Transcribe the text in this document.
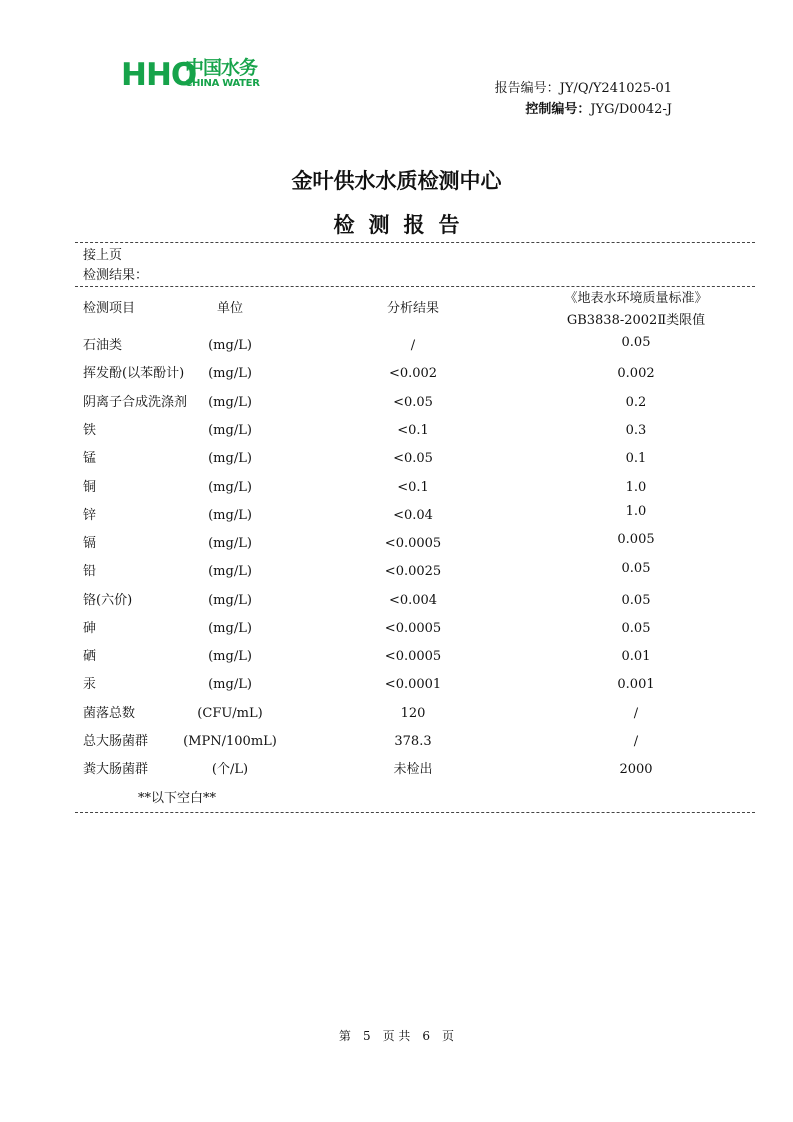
HHO
中国水务
CHINA WATER	报告编号：JY/Q/Y241025-01
控制编号：JYG/D0042-J
金叶供水水质检测中心
检测报告
接上页
检测结果：
检测项目	单位	分析结果
《地表水环境质量标准》
GB3838-2002Ⅱ类限值
石油类	(mg/L)	/	0.05
挥发酚(以苯酚计) (mg/L)	<0.002	0.002
阴离子合成洗涤剂 (mg/L)	<0.05	0.2
铁	(mg/L)	<0.1	0.3
锰	(mg/L)	<0.05	0.1
铜	(mg/L)	<0.1	1.0
锌	(mg/L)	<0.04	1.0
镉	(mg/L)	<0.0005	0.005
铅	(mg/L)	<0.0025	0.05
铬(六价)	(mg/L)	<0.004	0.05
砷	(mg/L)	<0.0005	0.05
硒	(mg/L)	<0.0005	0.01
汞	(mg/L)	<0.0001	0.001
菌落总数	(CFU/mL)	120	/
总大肠菌群	(MPN/100mL)	378.3	/
粪大肠菌群	(个/L)	未检出	2000
**以下空白**
第 5 页 共 6 页
